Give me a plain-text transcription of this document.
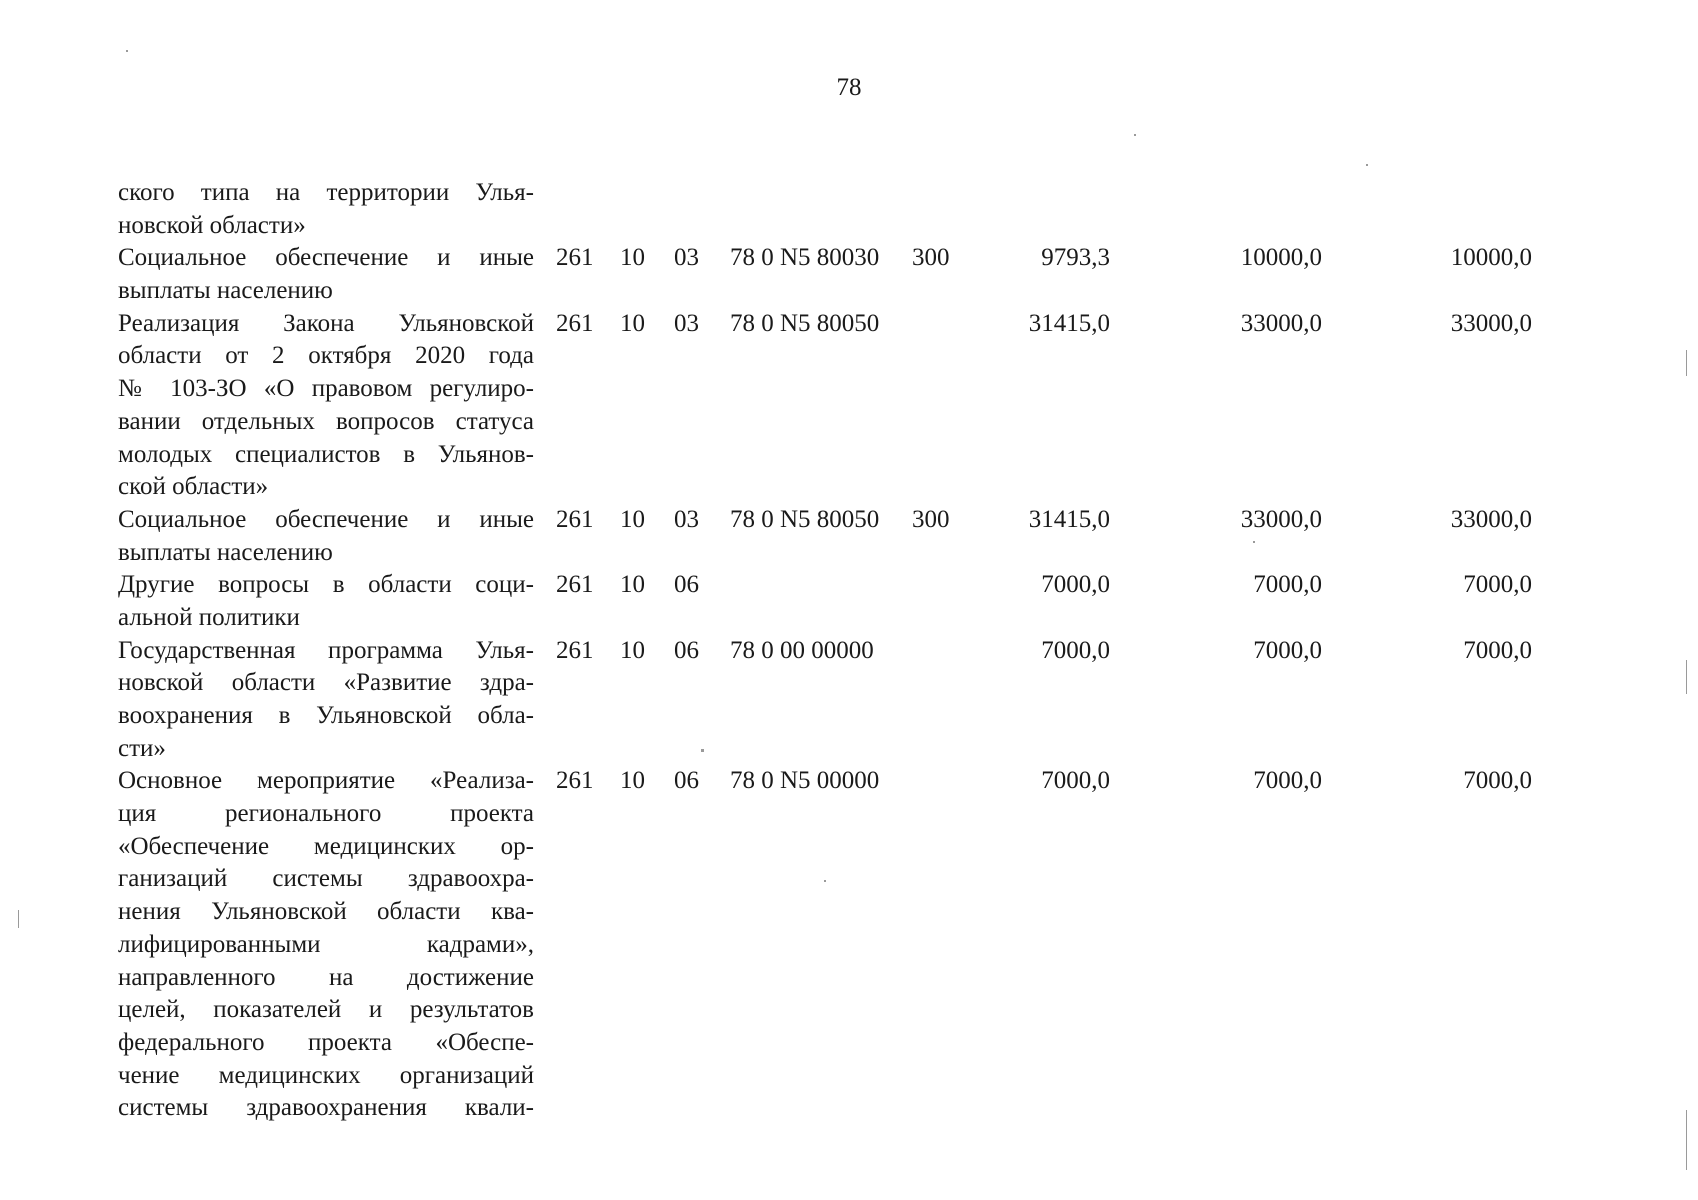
78
ского типа на территории Улья-
новской области»
Социальное обеспечение и иные
выплаты населению
261 10 03 78 0 N5 80030 300	9793,3	10000,0	10000,0
Реализация Закона Ульяновской
области от 2 октября 2020 года
№ 103-ЗО «О правовом регулиро-
вании отдельных вопросов статуса
молодых специалистов в Ульянов-
ской области»
261 10 03 78 0 N5 80050	31415,0	33000,0	33000,0
Социальное обеспечение и иные
выплаты населению
261 10 03 78 0 N5 80050 300	31415,0	33000,0	33000,0
Другие вопросы в области соци-
альной политики
261 10 06	7000,0	7000,0	7000,0
Государственная программа Улья-
новской области «Развитие здра-
воохранения в Ульяновской обла-
сти»
261 10 06 78 0 00 00000	7000,0	7000,0	7000,0
Основное мероприятие «Реализа-
ция регионального проекта
«Обеспечение медицинских ор-
ганизаций системы здравоохра-
нения Ульяновской области ква-
лифицированными кадрами»,
направленного на достижение
целей, показателей и результатов
федерального проекта «Обеспе-
чение медицинских организаций
системы здравоохранения квали-
261 10 06 78 0 N5 00000	7000,0	7000,0	7000,0
